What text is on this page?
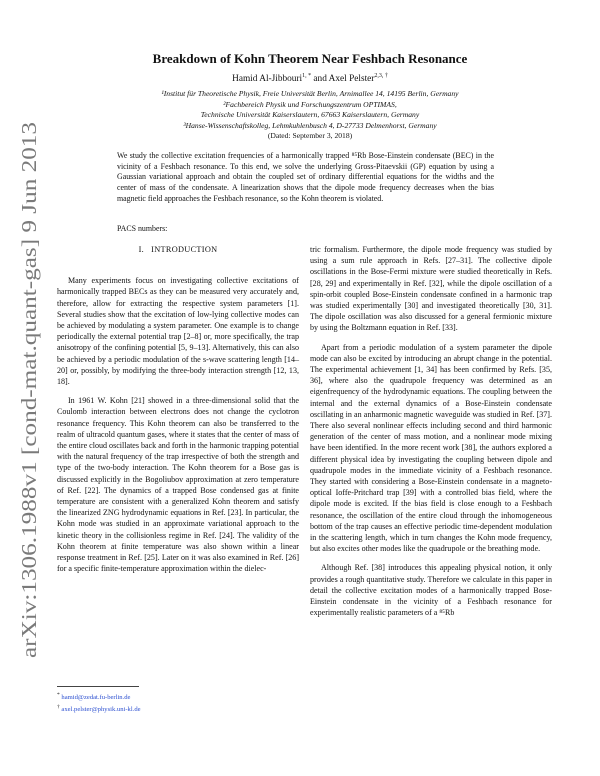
arXiv:1306.1988v1 [cond-mat.quant-gas] 9 Jun 2013
Breakdown of Kohn Theorem Near Feshbach Resonance
Hamid Al-Jibbouri$^{1, *}$ and Axel Pelster$^{2,3, \dagger}$
¹Institut für Theoretische Physik, Freie Universität Berlin, Arnimallee 14, 14195 Berlin, Germany
²Fachbereich Physik und Forschungszentrum OPTIMAS,
Technische Universität Kaiserslautern, 67663 Kaiserslautern, Germany
³Hanse-Wissenschaftskolleg, Lehmkuhlenbusch 4, D-27733 Delmenhorst, Germany
(Dated: September 3, 2018)
We study the collective excitation frequencies of a harmonically trapped ⁸⁵Rb Bose-Einstein condensate (BEC) in the vicinity of a Feshbach resonance. To this end, we solve the underlying Gross-Pitaevskii (GP) equation by using a Gaussian variational approach and obtain the coupled set of ordinary differential equations for the widths and the center of mass of the condensate. A linearization shows that the dipole mode frequency decreases when the bias magnetic field approaches the Feshbach resonance, so the Kohn theorem is violated.
PACS numbers:
I. INTRODUCTION

Many experiments focus on investigating collective excitations of harmonically trapped BECs as they can be measured very accurately and, therefore, allow for extracting the respective system parameters [1]. Several studies show that the excitation of low-lying collective modes can be achieved by modulating a system parameter. One example is to change periodically the external potential trap [2–8] or, more specifically, the trap anisotropy of the confining potential [5, 9–13]. Alternatively, this can also be achieved by a periodic modulation of the s-wave scattering length [14–20] or, possibly, by modifying the three-body interaction strength [12, 13, 18].

In 1961 W. Kohn [21] showed in a three-dimensional solid that the Coulomb interaction between electrons does not change the cyclotron resonance frequency. This Kohn theorem can also be transferred to the realm of ultracold quantum gases, where it states that the center of mass of the entire cloud oscillates back and forth in the harmonic trapping potential with the natural frequency of the trap irrespective of both the strength and type of the two-body interaction. The Kohn theorem for a Bose gas is discussed explicitly in the Bogoliubov approximation at zero temperature of Ref. [22]. The dynamics of a trapped Bose condensed gas at finite temperature are consistent with a generalized Kohn theorem and satisfy the linearized ZNG hydrodynamic equations in Ref. [23]. In particular, the Kohn mode was studied in an approximate variational approach to the kinetic theory in the collisionless regime in Ref. [24]. The validity of the Kohn theorem at finite temperature was also shown within a linear response treatment in Ref. [25]. Later on it was also examined in Ref. [26] for a specific finite-temperature approximation within the dielec-

tric formalism. Furthermore, the dipole mode frequency was studied by using a sum rule approach in Refs. [27–31]. The collective dipole oscillations in the Bose-Fermi mixture were studied theoretically in Refs. [28, 29] and experimentally in Ref. [32], while the dipole oscillation of a spin-orbit coupled Bose-Einstein condensate confined in a harmonic trap was studied experimentally [30] and investigated theoretically [30, 31]. The dipole oscillation was also discussed for a general fermionic mixture by using the Boltzmann equation in Ref. [33].

Apart from a periodic modulation of a system parameter the dipole mode can also be excited by introducing an abrupt change in the potential. The experimental achievement [1, 34] has been confirmed by Refs. [35, 36], where also the quadrupole frequency was determined as an eigenfrequency of the hydrodynamic equations. The coupling between the internal and the external dynamics of a Bose-Einstein condensate oscillating in an anharmonic magnetic waveguide was studied in Ref. [37]. There also several nonlinear effects including second and third harmonic generation of the center of mass motion, and a nonlinear mode mixing have been identified. In the more recent work [38], the authors explored a different physical idea by investigating the coupling between dipole and quadrupole modes in the immediate vicinity of a Feshbach resonance. They started with considering a Bose-Einstein condensate in a magneto-optical Ioffe-Pritchard trap [39] with a controlled bias field, where the dipole mode is excited. If the bias field is close enough to a Feshbach resonance, the oscillation of the entire cloud through the inhomogeneous bottom of the trap causes an effective periodic time-dependent modulation in the scattering length, which in turn changes the Kohn mode frequency, but also excites other modes like the quadrupole or the breathing mode.

Although Ref. [38] introduces this appealing physical notion, it only provides a rough quantitative study. Therefore we calculate in this paper in detail the collective excitation modes of a harmonically trapped Bose-Einstein condensate in the vicinity of a Feshbach resonance for experimentally realistic parameters of a ⁸⁵Rb

* hamid@zedat.fu-berlin.de
† axel.pelster@physik.uni-kl.de
